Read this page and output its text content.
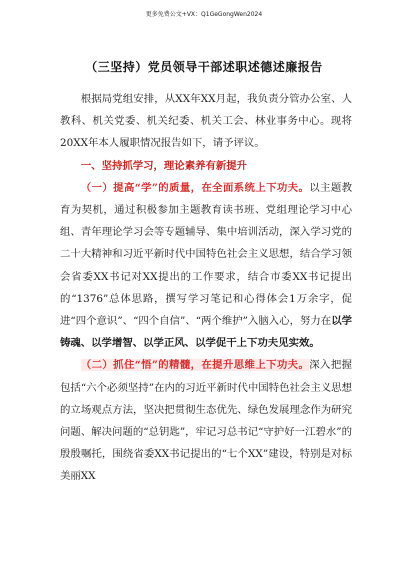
更多免费公文+VX：Q1GeGongWen2024
（三坚持）党员领导干部述职述德述廉报告

根据局党组安排，从XX年XX月起，我负责分管办公室、人教科、机关党委、机关纪委、机关工会、林业事务中心。现将20XX年本人履职情况报告如下，请予评议。

一、坚持抓学习，理论素养有新提升

（一）提高“学”的质量，在全面系统上下功夫。以主题教育为契机，通过积极参加主题教育读书班、党组理论学习中心组、青年理论学习会等专题辅导、集中培训活动，深入学习党的二十大精神和习近平新时代中国特色社会主义思想，结合学习领会省委XX书记对XX提出的工作要求，结合市委XX书记提出的“1376”总体思路，撰写学习笔记和心得体会1万余字，促进“四个意识”、“四个自信”、“两个维护”入脑入心，努力在以学铸魂、以学增智、以学正风、以学促干上下功夫见实效。

（二）抓住“悟”的精髓，在提升思维上下功夫。深入把握包括“六个必须坚持”在内的习近平新时代中国特色社会主义思想的立场观点方法，坚决把贯彻生态优先、绿色发展理念作为研究问题、解决问题的“总钥匙”，牢记习总书记“守护好一江碧水”的殷殷嘱托，围绕省委XX书记提出的“七个XX”建设，特别是对标美丽XX
